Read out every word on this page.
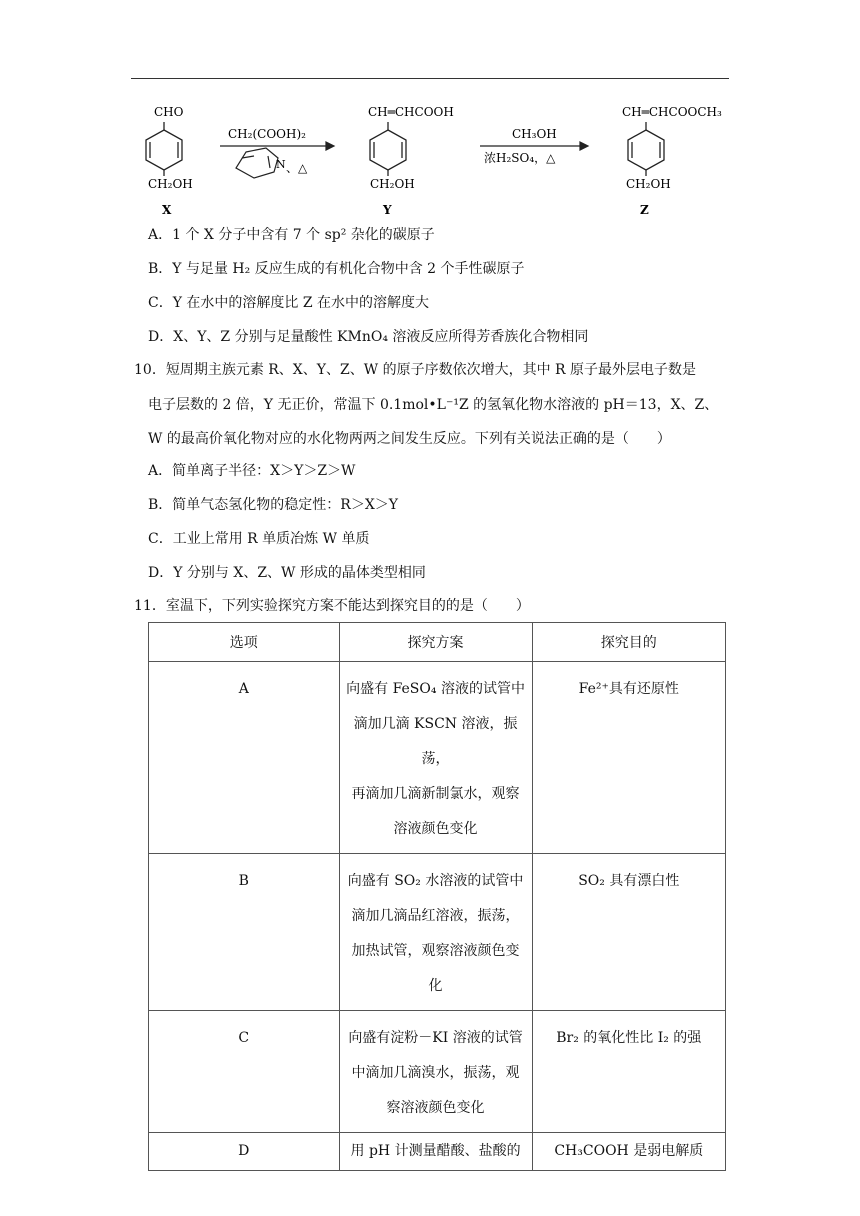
CHO
CH₂OH
X
CH₂(COOH)₂
N 、△
CH═CHCOOH
CH₂OH
Y
CH₃OH
浓H₂SO₄，△
CH═CHCOOCH₃
CH₂OH
Z
A．1 个 X 分子中含有 7 个 sp² 杂化的碳原子
B．Y 与足量 H₂ 反应生成的有机化合物中含 2 个手性碳原子
C．Y 在水中的溶解度比 Z 在水中的溶解度大
D．X、Y、Z 分别与足量酸性 KMnO₄ 溶液反应所得芳香族化合物相同
10．短周期主族元素 R、X、Y、Z、W 的原子序数依次增大，其中 R 原子最外层电子数是
电子层数的 2 倍，Y 无正价，常温下 0.1mol•L⁻¹Z 的氢氧化物水溶液的 pH＝13，X、Z、
W 的最高价氧化物对应的水化物两两之间发生反应。下列有关说法正确的是（　　）
A．简单离子半径：X＞Y＞Z＞W
B．简单气态氢化物的稳定性：R＞X＞Y
C．工业上常用 R 单质冶炼 W 单质
D．Y 分别与 X、Z、W 形成的晶体类型相同
11．室温下，下列实验探究方案不能达到探究目的的是（　　）
选项	探究方案	探究目的
A	向盛有 FeSO₄ 溶液的试管中
滴加几滴 KSCN 溶液，振荡，
再滴加几滴新制氯水，观察
溶液颜色变化	Fe²⁺具有还原性
B	向盛有 SO₂ 水溶液的试管中
滴加几滴品红溶液，振荡，
加热试管，观察溶液颜色变
化	SO₂ 具有漂白性
C	向盛有淀粉－KI 溶液的试管
中滴加几滴溴水，振荡，观
察溶液颜色变化	Br₂ 的氧化性比 I₂ 的强
D	用 pH 计测量醋酸、盐酸的	CH₃COOH 是弱电解质
